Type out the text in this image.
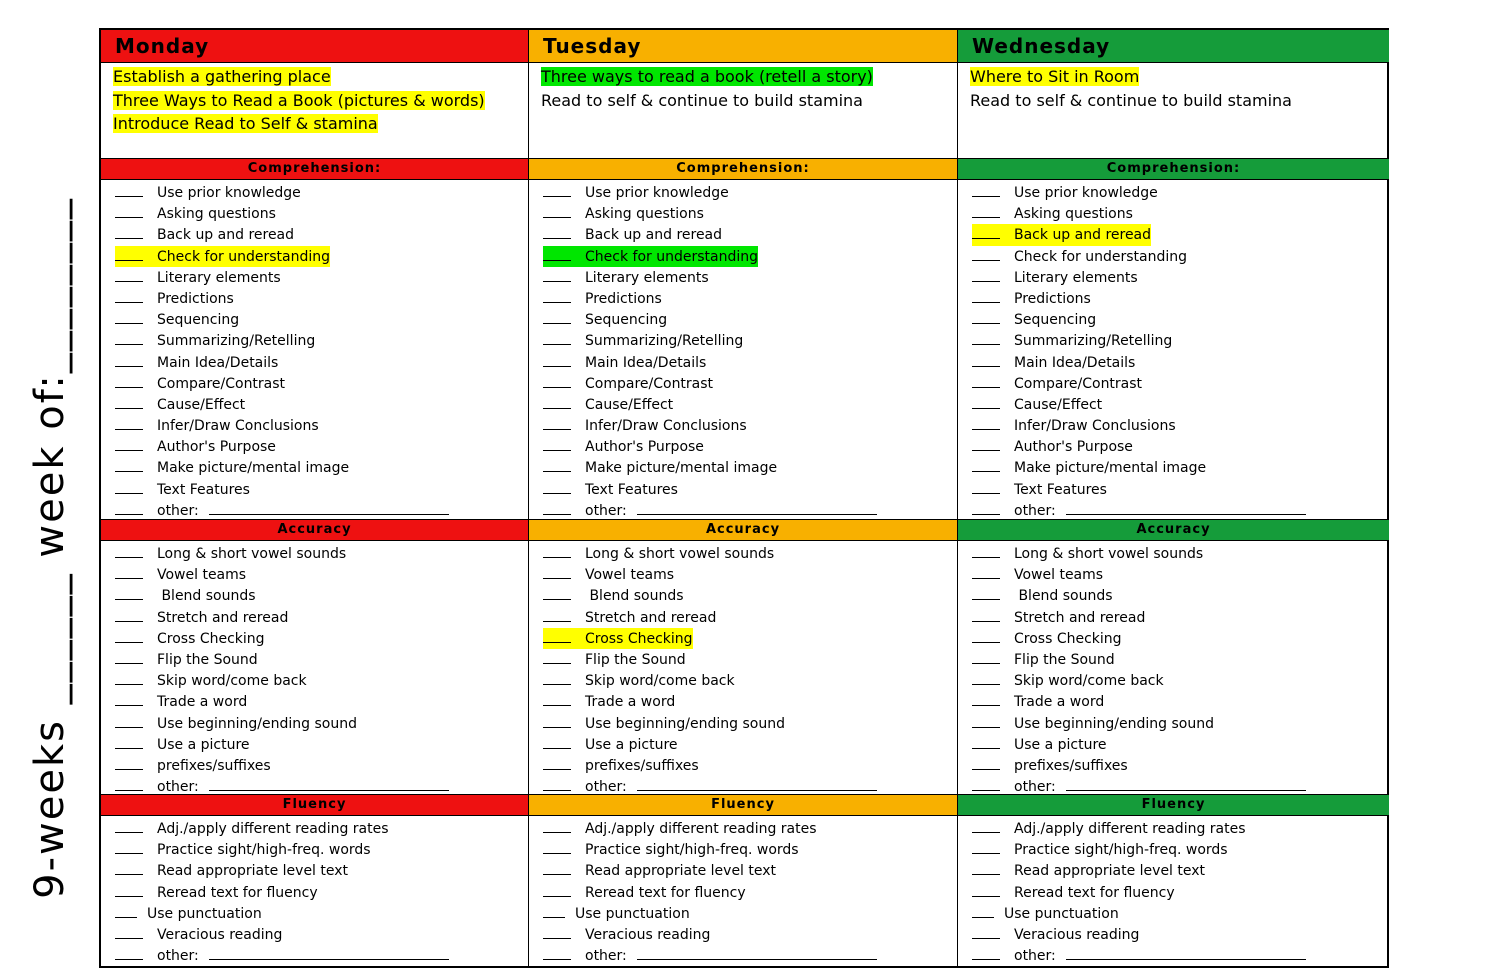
9-weeks ______ week of:________
Monday
Establish a gathering place
Three Ways to Read a Book (pictures & words)
Introduce Read to Self & stamina
Comprehension:
Use prior knowledge
Asking questions
Back up and reread
Check for understanding
Literary elements
Predictions
Sequencing
Summarizing/Retelling
Main Idea/Details
Compare/Contrast
Cause/Effect
Infer/Draw Conclusions
Author's Purpose
Make picture/mental image
Text Features
other:
Accuracy
Long & short vowel sounds
Vowel teams
Blend sounds
Stretch and reread
Cross Checking
Flip the Sound
Skip word/come back
Trade a word
Use beginning/ending sound
Use a picture
prefixes/suffixes
other:
Fluency
Adj./apply different reading rates
Practice sight/high-freq. words
Read appropriate level text
Reread text for fluency
Use punctuation
Veracious reading
other:
Tuesday
Three ways to read a book (retell a story)
Read to self & continue to build stamina
Comprehension:
Use prior knowledge
Asking questions
Back up and reread
Check for understanding
Literary elements
Predictions
Sequencing
Summarizing/Retelling
Main Idea/Details
Compare/Contrast
Cause/Effect
Infer/Draw Conclusions
Author's Purpose
Make picture/mental image
Text Features
other:
Accuracy
Long & short vowel sounds
Vowel teams
Blend sounds
Stretch and reread
Cross Checking
Flip the Sound
Skip word/come back
Trade a word
Use beginning/ending sound
Use a picture
prefixes/suffixes
other:
Fluency
Adj./apply different reading rates
Practice sight/high-freq. words
Read appropriate level text
Reread text for fluency
Use punctuation
Veracious reading
other:
Wednesday
Where to Sit in Room
Read to self & continue to build stamina
Comprehension:
Use prior knowledge
Asking questions
Back up and reread
Check for understanding
Literary elements
Predictions
Sequencing
Summarizing/Retelling
Main Idea/Details
Compare/Contrast
Cause/Effect
Infer/Draw Conclusions
Author's Purpose
Make picture/mental image
Text Features
other:
Accuracy
Long & short vowel sounds
Vowel teams
Blend sounds
Stretch and reread
Cross Checking
Flip the Sound
Skip word/come back
Trade a word
Use beginning/ending sound
Use a picture
prefixes/suffixes
other:
Fluency
Adj./apply different reading rates
Practice sight/high-freq. words
Read appropriate level text
Reread text for fluency
Use punctuation
Veracious reading
other:
